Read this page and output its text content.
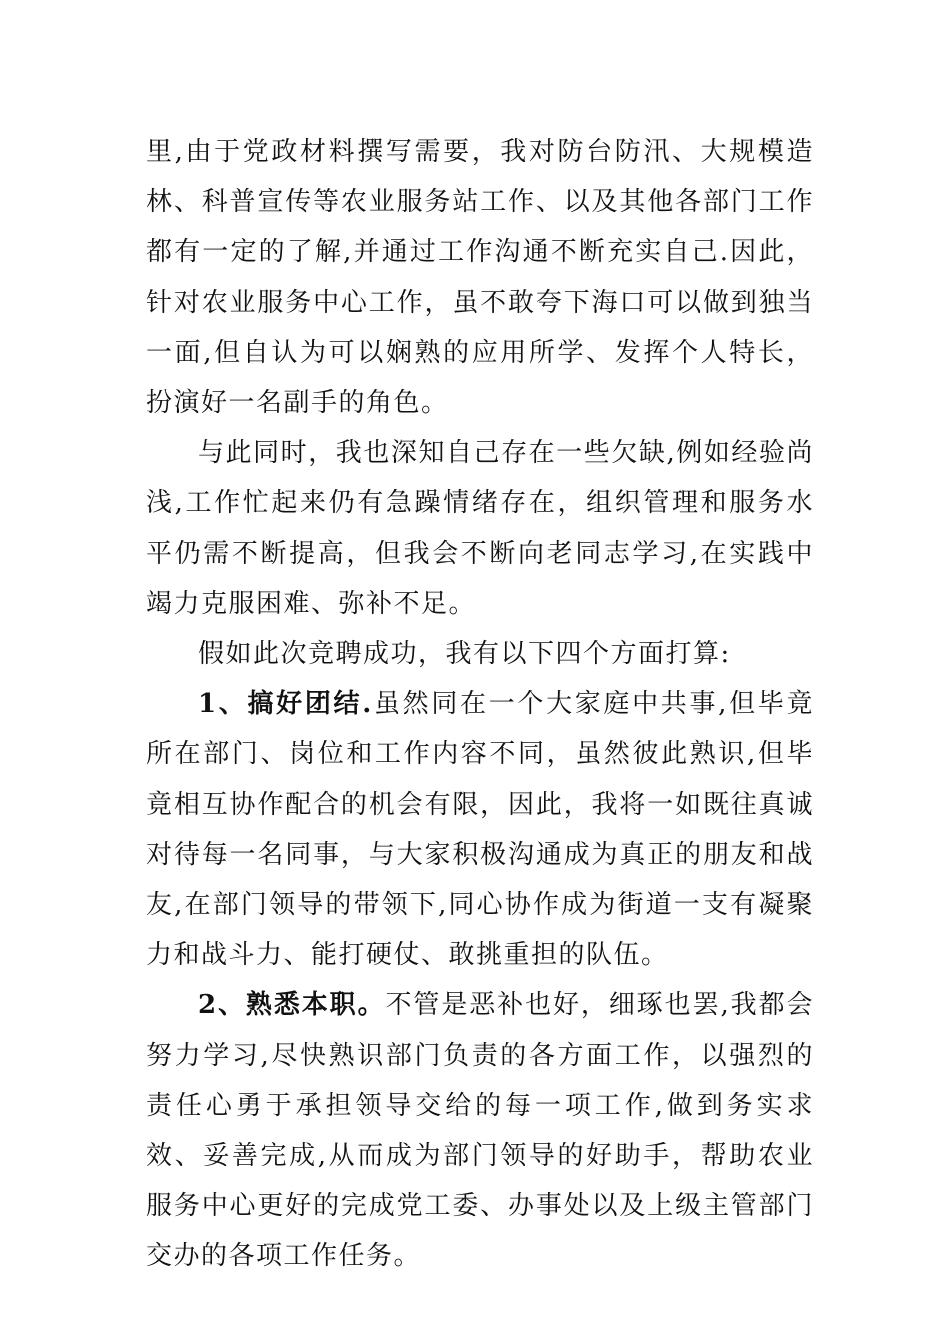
里,由于党政材料撰写需要，我对防台防汛、大规模造林、科普宣传等农业服务站工作、以及其他各部门工作都有一定的了解,并通过工作沟通不断充实自己.因此，针对农业服务中心工作，虽不敢夸下海口可以做到独当一面,但自认为可以娴熟的应用所学、发挥个人特长，扮演好一名副手的角色。

与此同时，我也深知自己存在一些欠缺,例如经验尚浅,工作忙起来仍有急躁情绪存在，组织管理和服务水平仍需不断提高，但我会不断向老同志学习,在实践中竭力克服困难、弥补不足。

假如此次竞聘成功，我有以下四个方面打算:

1、搞好团结.虽然同在一个大家庭中共事,但毕竟所在部门、岗位和工作内容不同，虽然彼此熟识,但毕竟相互协作配合的机会有限，因此，我将一如既往真诚对待每一名同事，与大家积极沟通成为真正的朋友和战友,在部门领导的带领下,同心协作成为街道一支有凝聚力和战斗力、能打硬仗、敢挑重担的队伍。

2、熟悉本职。不管是恶补也好，细琢也罢,我都会努力学习,尽快熟识部门负责的各方面工作，以强烈的责任心勇于承担领导交给的每一项工作,做到务实求效、妥善完成,从而成为部门领导的好助手，帮助农业服务中心更好的完成党工委、办事处以及上级主管部门交办的各项工作任务。
